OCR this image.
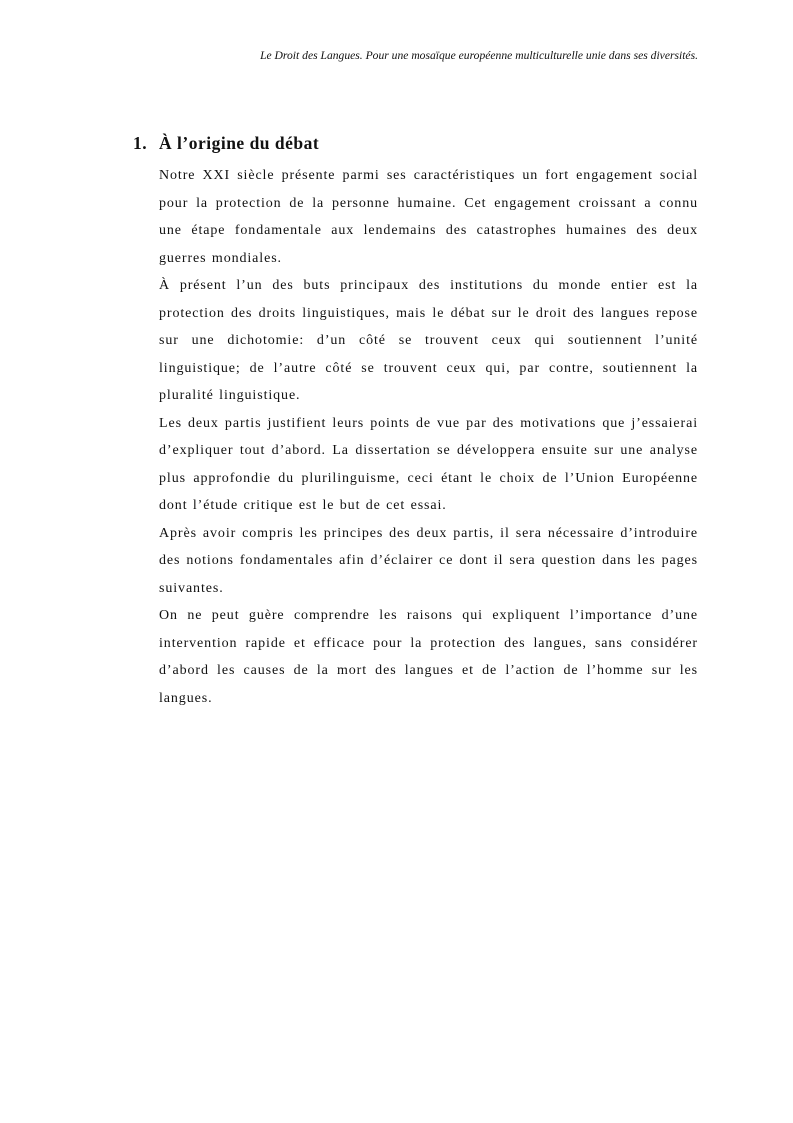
Le Droit des Langues. Pour une mosaïque européenne multiculturelle unie dans ses diversités.
1. À l’origine du débat

Notre XXI siècle présente parmi ses caractéristiques un fort engagement social pour la protection de la personne humaine. Cet engagement croissant a connu une étape fondamentale aux lendemains des catastrophes humaines des deux guerres mondiales.

À présent l’un des buts principaux des institutions du monde entier est la protection des droits linguistiques, mais le débat sur le droit des langues repose sur une dichotomie: d’un côté se trouvent ceux qui soutiennent l’unité linguistique; de l’autre côté se trouvent ceux qui, par contre, soutiennent la pluralité linguistique.

Les deux partis justifient leurs points de vue par des motivations que j’essaierai d’expliquer tout d’abord. La dissertation se développera ensuite sur une analyse plus approfondie du plurilinguisme, ceci étant le choix de l’Union Européenne dont l’étude critique est le but de cet essai.

Après avoir compris les principes des deux partis, il sera nécessaire d’introduire des notions fondamentales afin d’éclairer ce dont il sera question dans les pages suivantes.

On ne peut guère comprendre les raisons qui expliquent l’importance d’une intervention rapide et efficace pour la protection des langues, sans considérer d’abord les causes de la mort des langues et de l’action de l’homme sur les langues.
